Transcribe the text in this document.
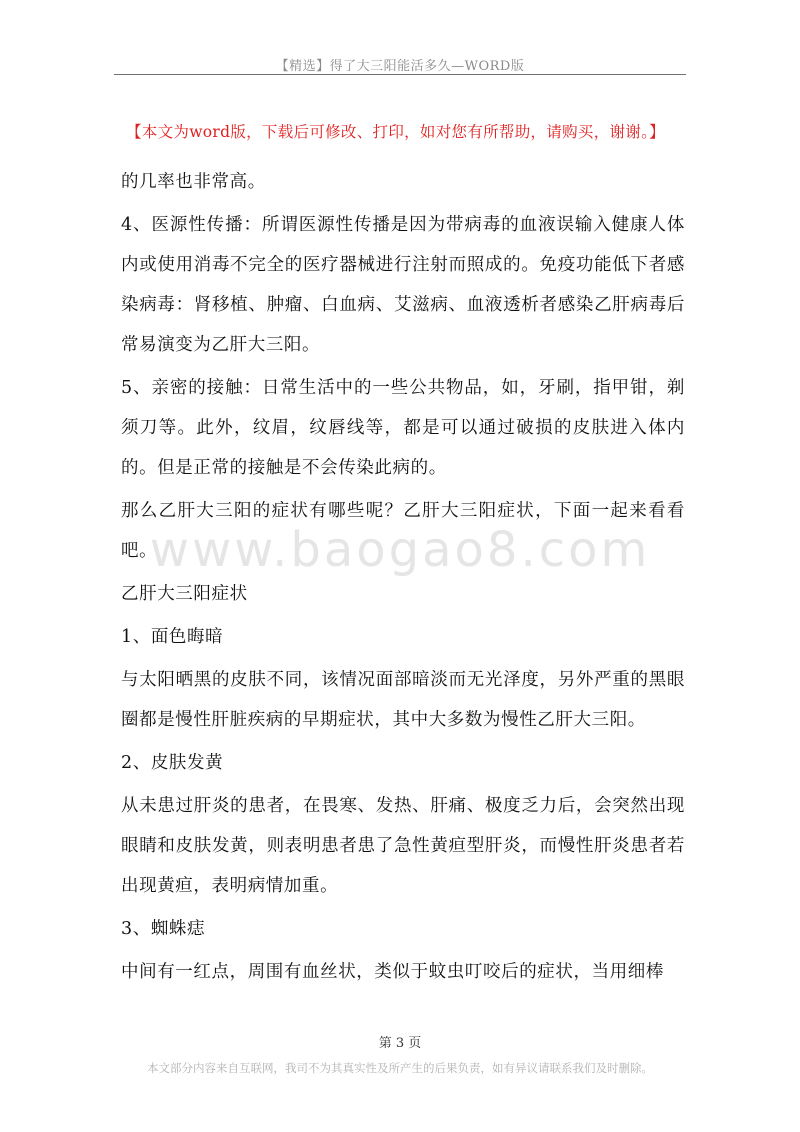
【精选】得了大三阳能活多久—WORD版
【本文为word版，下载后可修改、打印，如对您有所帮助，请购买，谢谢。】
www.baogao8.com

的几率也非常高。

4、医源性传播：所谓医源性传播是因为带病毒的血液误输入健康人体内或使用消毒不完全的医疗器械进行注射而照成的。免疫功能低下者感染病毒：肾移植、肿瘤、白血病、艾滋病、血液透析者感染乙肝病毒后常易演变为乙肝大三阳。

5、亲密的接触：日常生活中的一些公共物品，如，牙刷，指甲钳，剃须刀等。此外，纹眉，纹唇线等，都是可以通过破损的皮肤进入体内的。但是正常的接触是不会传染此病的。

那么乙肝大三阳的症状有哪些呢？乙肝大三阳症状，下面一起来看看吧。

乙肝大三阳症状

1、面色晦暗

与太阳晒黑的皮肤不同，该情况面部暗淡而无光泽度，另外严重的黑眼圈都是慢性肝脏疾病的早期症状，其中大多数为慢性乙肝大三阳。

2、皮肤发黄

从未患过肝炎的患者，在畏寒、发热、肝痛、极度乏力后，会突然出现眼睛和皮肤发黄，则表明患者患了急性黄疸型肝炎，而慢性肝炎患者若出现黄疸，表明病情加重。

3、蜘蛛痣

中间有一红点，周围有血丝状，类似于蚊虫叮咬后的症状，当用细棒

第 3 页
本文部分内容来自互联网，我司不为其真实性及所产生的后果负责，如有异议请联系我们及时删除。
